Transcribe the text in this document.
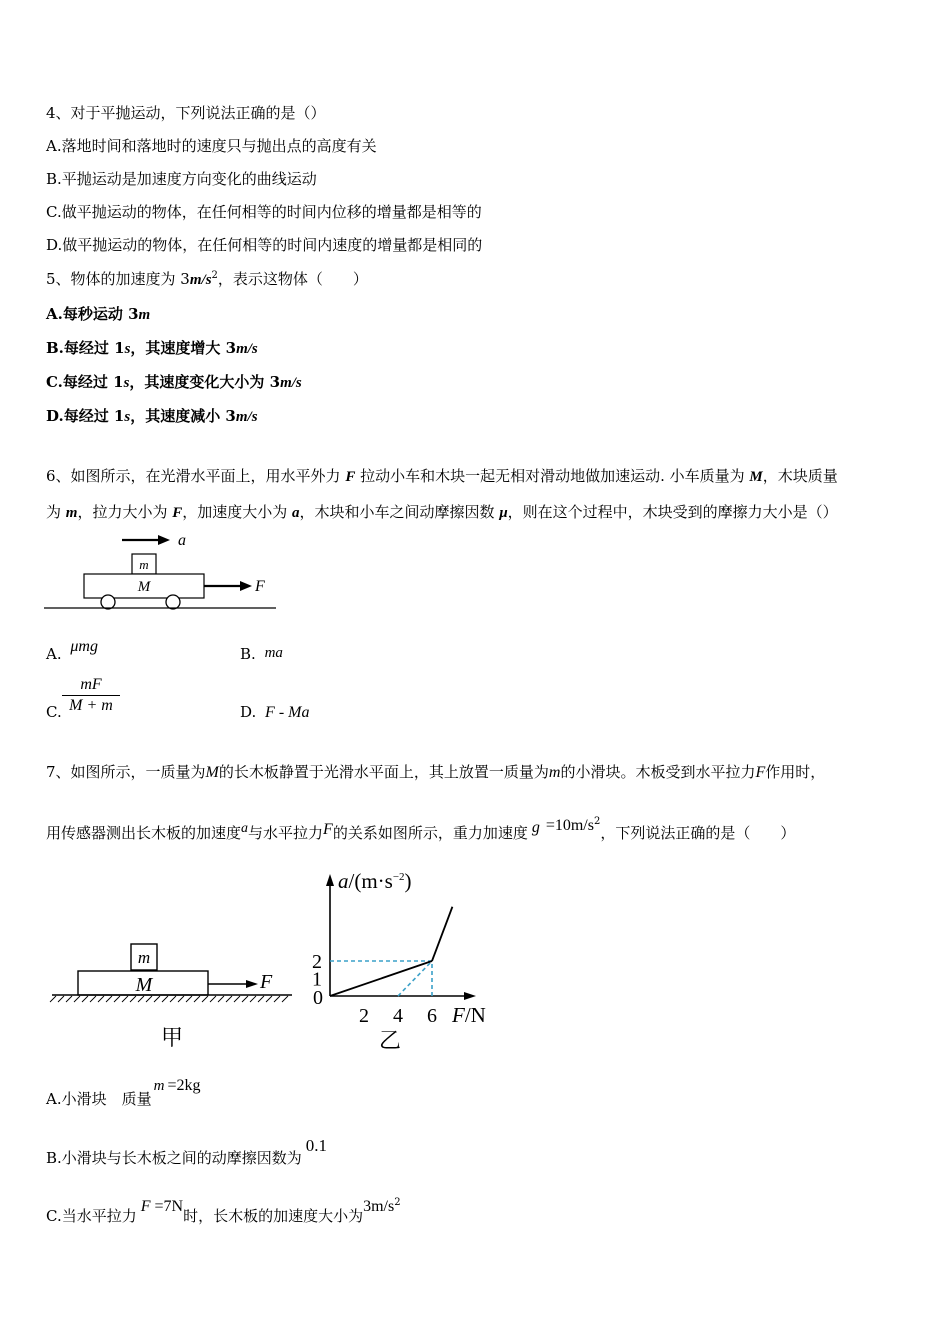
4、对于平抛运动，下列说法正确的是（）
A.落地时间和落地时的速度只与抛出点的高度有关
B.平抛运动是加速度方向变化的曲线运动
C.做平抛运动的物体，在任何相等的时间内位移的增量都是相等的
D.做平抛运动的物体，在任何相等的时间内速度的增量都是相同的
5、物体的加速度为 $3m/s^2$，表示这物体（　　）
A.每秒运动 3m
B.每经过 1s，其速度增大 3m/s
C.每经过 1s，其速度变化大小为 3m/s
D.每经过 1s，其速度减小 3m/s
6、如图所示，在光滑水平面上，用水平外力 F 拉动小车和木块一起无相对滑动地做加速运动. 小车质量为 M，木块质量
为 m，拉力大小为 F，加速度大小为 a，木块和小车之间动摩擦因数 μ，则在这个过程中，木块受到的摩擦力大小是（）
a
m
M	F
A. μmg	B. ma
C.
mF
M + m	D. F - Ma
7、如图所示，一质量为M的长木板静置于光滑水平面上，其上放置一质量为m的小滑块。木板受到水平拉力F作用时，
用传感器测出长木板的加速度a与水平拉力F的关系如图所示，重力加速度 $g =10m/s^2$，下列说法正确的是（　　）
m
M	F
甲
$a/(m\cdot s^{-2})$
F/N
0
2 4 6
1
2
乙
A.小滑块　质量m =2kg
B.小滑块与长木板之间的动摩擦因数为0.1
C.当水平拉力F =7N时，长木板的加速度大小为$3m/s^2$
